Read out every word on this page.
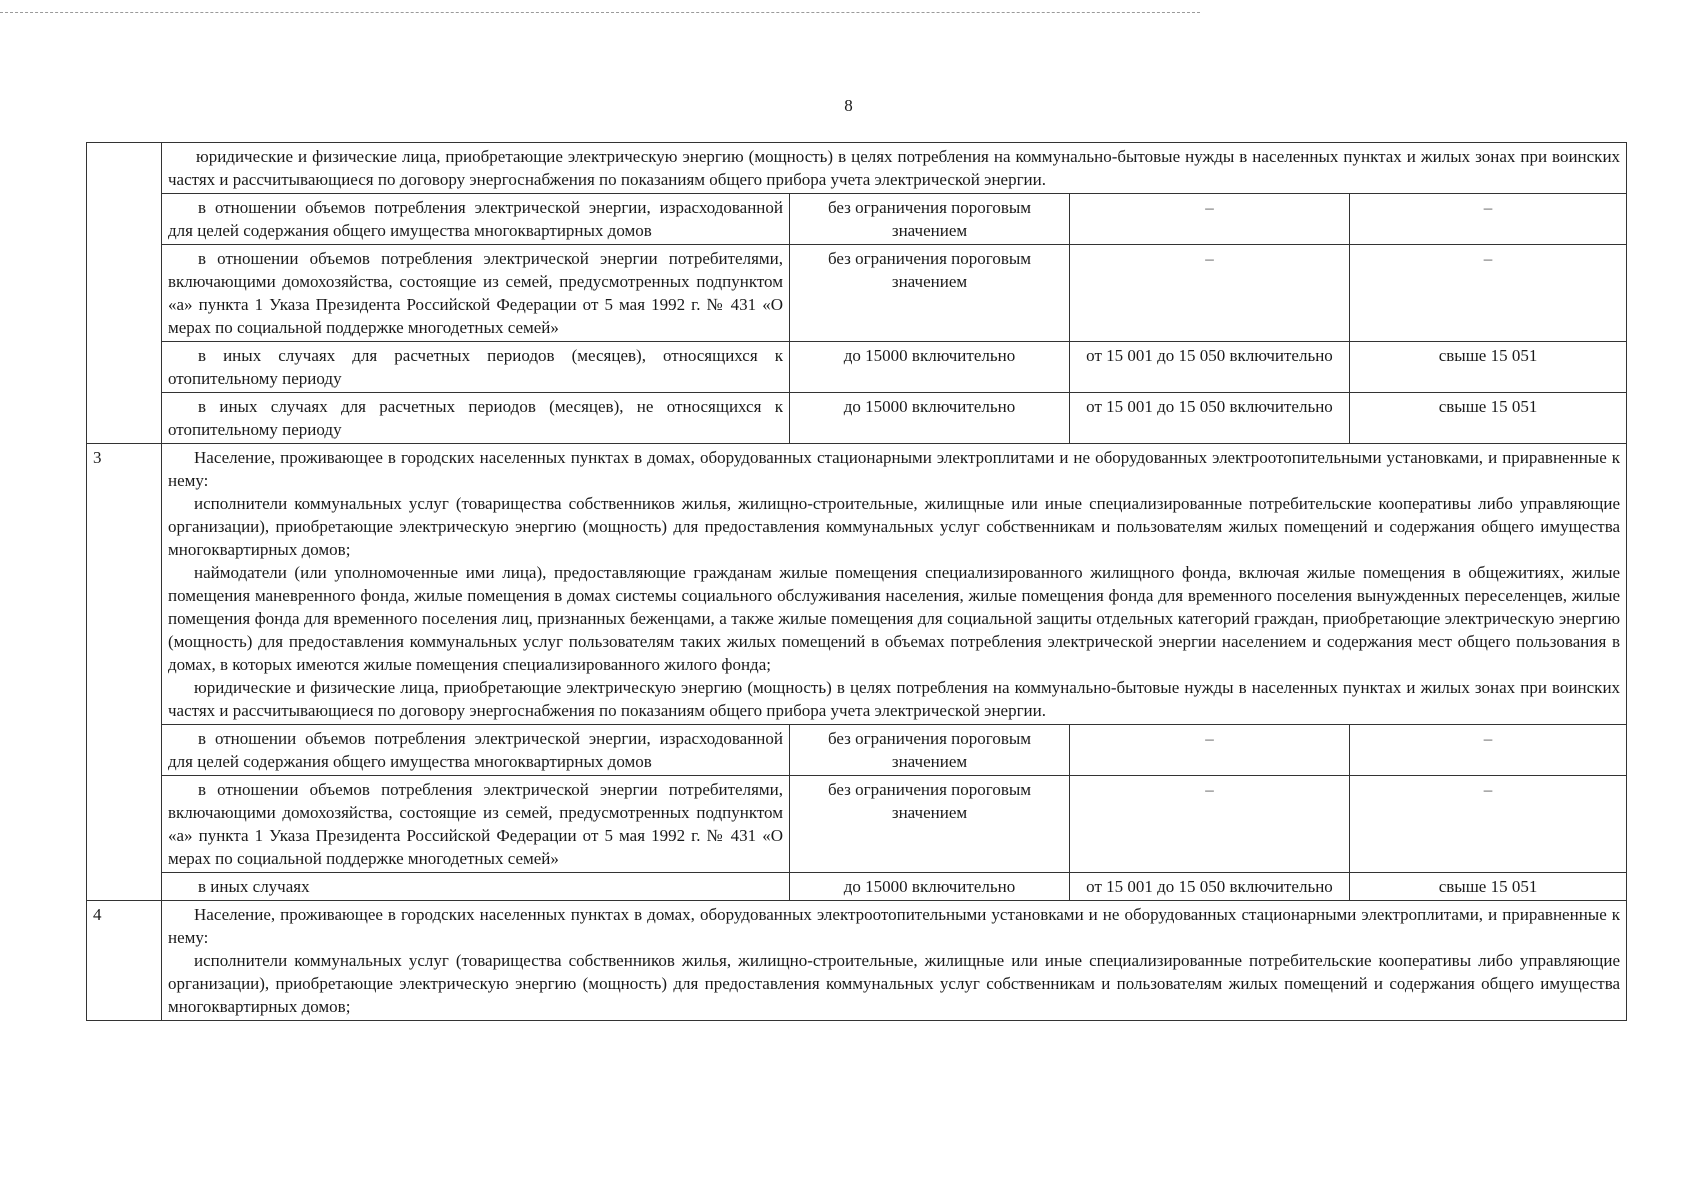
8

	юридические и физические лица, приобретающие электрическую энергию (мощность) в целях потребления на коммунально-бытовые нужды в населенных пунктах и жилых зонах при воинских частях и рассчитывающиеся по договору энергоснабжения по показаниям общего прибора учета электрической энергии.			

	в отношении объемов потребления электрической энергии, израсходованной для целей содержания общего имущества многоквартирных домов	без ограничения пороговым значением	–	–

	в отношении объемов потребления электрической энергии потребителями, включающими домохозяйства, состоящие из семей, предусмотренных подпунктом «а» пункта 1 Указа Президента Российской Федерации от 5 мая 1992 г. № 431 «О мерах по социальной поддержке многодетных семей»	без ограничения пороговым значением	–	–

	в иных случаях для расчетных периодов (месяцев), относящихся к отопительному периоду	до 15000 включительно	от 15 001 до 15 050 включительно	свыше 15 051

	в иных случаях для расчетных периодов (месяцев), не относящихся к отопительному периоду	до 15000 включительно	от 15 001 до 15 050 включительно	свыше 15 051
3	Население, проживающее в городских населенных пунктах в домах, оборудованных стационарными электроплитами и не оборудованных электроотопительными установками, и приравненные к нему:

исполнители коммунальных услуг (товарищества собственников жилья, жилищно-строительные, жилищные или иные специализированные потребительские кооперативы либо управляющие организации), приобретающие электрическую энергию (мощность) для предоставления коммунальных услуг собственникам и пользователям жилых помещений и содержания общего имущества многоквартирных домов;

наймодатели (или уполномоченные ими лица), предоставляющие гражданам жилые помещения специализированного жилищного фонда, включая жилые помещения в общежитиях, жилые помещения маневренного фонда, жилые помещения в домах системы социального обслуживания населения, жилые помещения фонда для временного поселения вынужденных переселенцев, жилые помещения фонда для временного поселения лиц, признанных беженцами, а также жилые помещения для социальной защиты отдельных категорий граждан, приобретающие электрическую энергию (мощность) для предоставления коммунальных услуг пользователям таких жилых помещений в объемах потребления электрической энергии населением и содержания мест общего пользования в домах, в которых имеются жилые помещения специализированного жилого фонда;

юридические и физические лица, приобретающие электрическую энергию (мощность) в целях потребления на коммунально-бытовые нужды в населенных пунктах и жилых зонах при воинских частях и рассчитывающиеся по договору энергоснабжения по показаниям общего прибора учета электрической энергии.			

	в отношении объемов потребления электрической энергии, израсходованной для целей содержания общего имущества многоквартирных домов	без ограничения пороговым значением	–	–

	в отношении объемов потребления электрической энергии потребителями, включающими домохозяйства, состоящие из семей, предусмотренных подпунктом «а» пункта 1 Указа Президента Российской Федерации от 5 мая 1992 г. № 431 «О мерах по социальной поддержке многодетных семей»	без ограничения пороговым значением	–	–

	в иных случаях	до 15000 включительно	от 15 001 до 15 050 включительно	свыше 15 051
4	Население, проживающее в городских населенных пунктах в домах, оборудованных электроотопительными установками и не оборудованных стационарными электроплитами, и приравненные к нему:

исполнители коммунальных услуг (товарищества собственников жилья, жилищно-строительные, жилищные или иные специализированные потребительские кооперативы либо управляющие организации), приобретающие электрическую энергию (мощность) для предоставления коммунальных услуг собственникам и пользователям жилых помещений и содержания общего имущества многоквартирных домов;			
